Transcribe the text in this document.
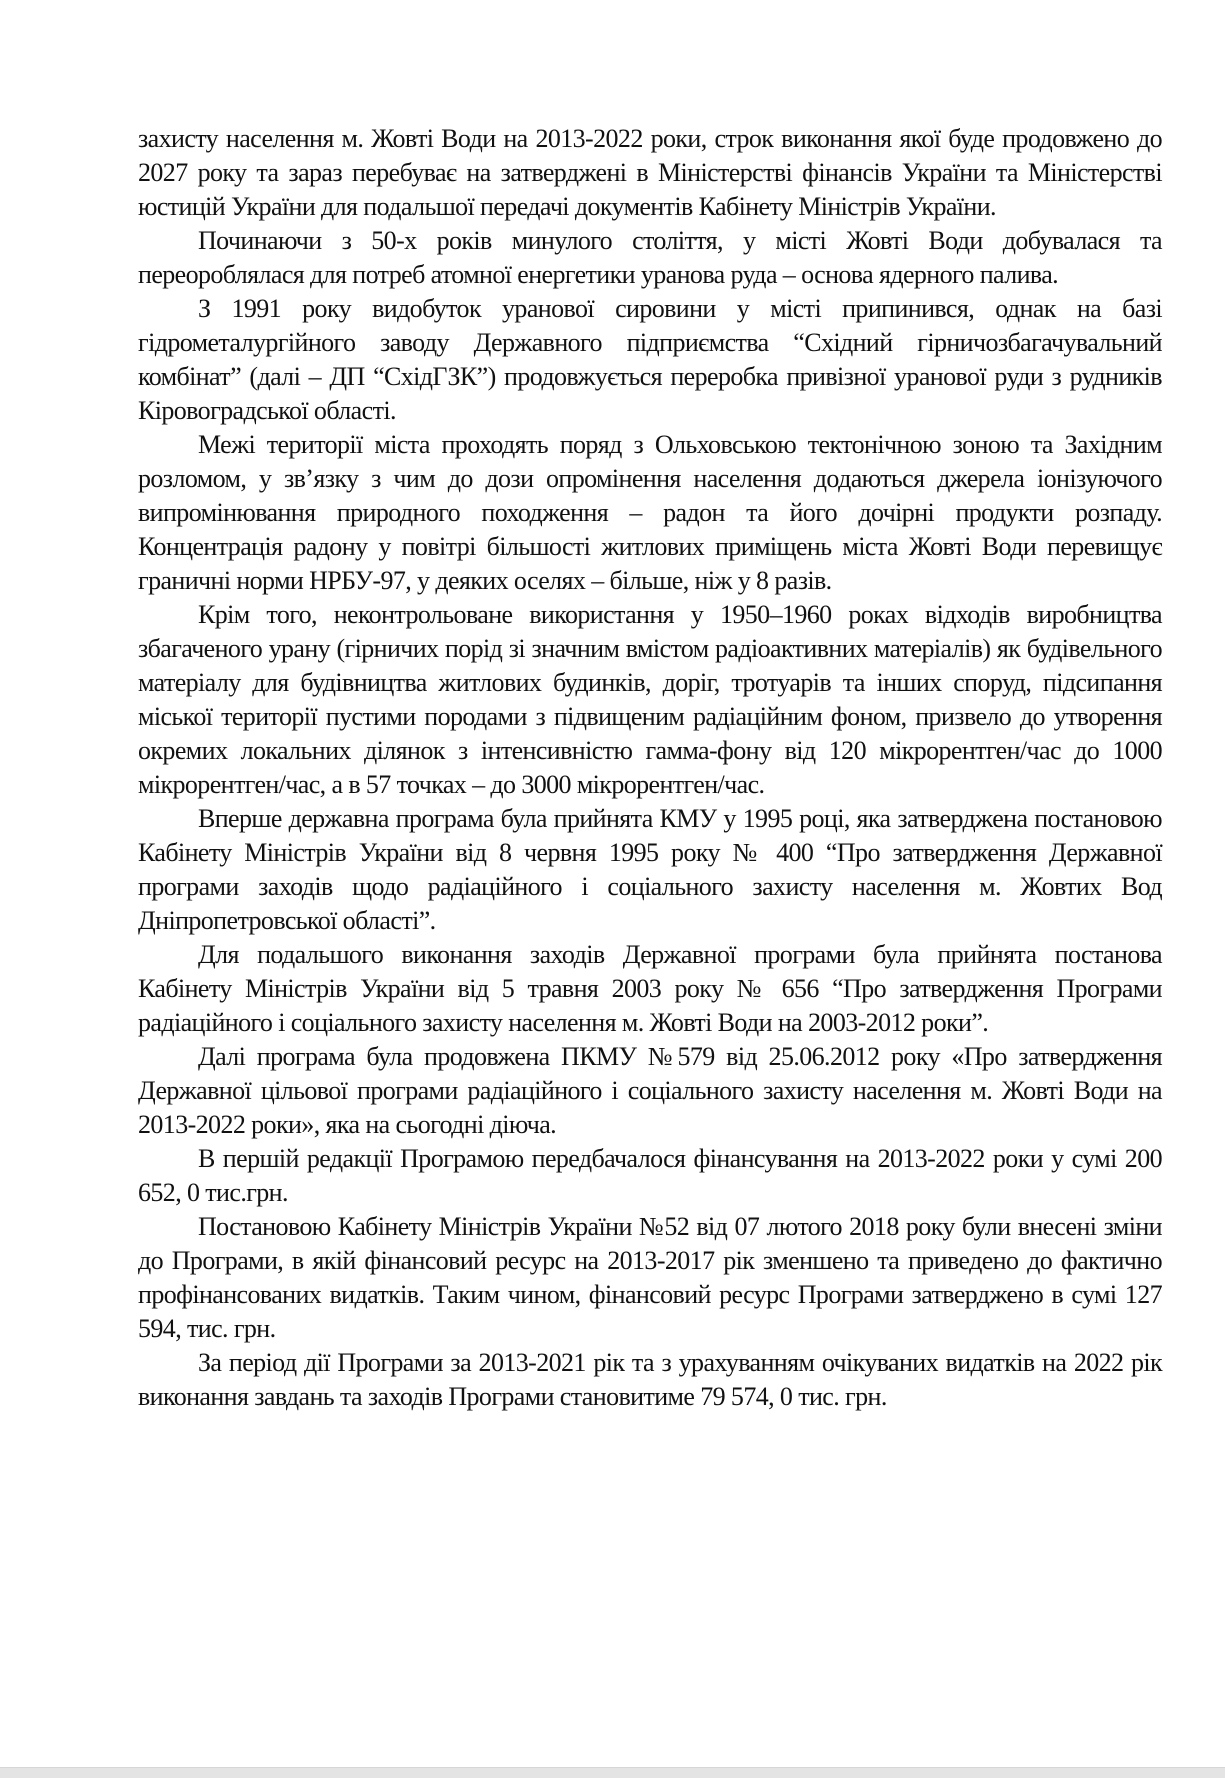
захисту населення м. Жовті Води на 2013-2022 роки, строк виконання якої буде продовжено до 2027 року та зараз перебуває на затверджені в Міністерстві фінансів України та Міністерстві юстицій України для подальшої передачі документів Кабінету Міністрів України.

Починаючи з 50-х років минулого століття, у місті Жовті Води добувалася та переороблялася для потреб атомної енергетики уранова руда – основа ядерного палива.

З 1991 року видобуток уранової сировини у місті припинився, однак на базі гідрометалургійного заводу Державного підприємства “Східний гірничозбагачувальний комбінат” (далі – ДП “СхідГЗК”) продовжується переробка привізної уранової руди з рудників Кіровоградської області.

Межі території міста проходять поряд з Ольховською тектонічною зоною та Західним розломом, у зв’язку з чим до дози опромінення населення додаються джерела іонізуючого випромінювання природного походження – радон та його дочірні продукти розпаду. Концентрація радону у повітрі більшості житлових приміщень міста Жовті Води перевищує граничні норми НРБУ-97, у деяких оселях – більше, ніж у 8 разів.

Крім того, неконтрольоване використання у 1950–1960 роках відходів виробництва збагаченого урану (гірничих порід зі значним вмістом радіоактивних матеріалів) як будівельного матеріалу для будівництва житлових будинків, доріг, тротуарів та інших споруд, підсипання міської території пустими породами з підвищеним радіаційним фоном, призвело до утворення окремих локальних ділянок з інтенсивністю гамма-фону від 120 мікрорентген/час до 1000 мікрорентген/час, а в 57 точках – до 3000 мікрорентген/час.

Вперше державна програма була прийнята КМУ у 1995 році, яка затверджена постановою Кабінету Міністрів України від 8 червня 1995 року № 400 “Про затвердження Державної програми заходів щодо радіаційного і соціального захисту населення м. Жовтих Вод Дніпропетровської області”.

Для подальшого виконання заходів Державної програми була прийнята постанова Кабінету Міністрів України від 5 травня 2003 року № 656 “Про затвердження Програми радіаційного і соціального захисту населення м. Жовті Води на 2003-2012 роки”.

Далі програма була продовжена ПКМУ №579 від 25.06.2012 року «Про затвердження Державної цільової програми радіаційного і соціального захисту населення м. Жовті Води на 2013-2022 роки», яка на сьогодні діюча.

В першій редакції Програмою передбачалося фінансування на 2013-2022 роки у сумі 200 652, 0 тис.грн.

Постановою Кабінету Міністрів України №52 від 07 лютого 2018 року були внесені зміни до Програми, в якій фінансовий ресурс на 2013-2017 рік зменшено та приведено до фактично профінансованих видатків. Таким чином, фінансовий ресурс Програми затверджено в сумі 127 594, тис. грн.

За період дії Програми за 2013-2021 рік та з урахуванням очікуваних видатків на 2022 рік виконання завдань та заходів Програми становитиме 79 574, 0 тис. грн.
